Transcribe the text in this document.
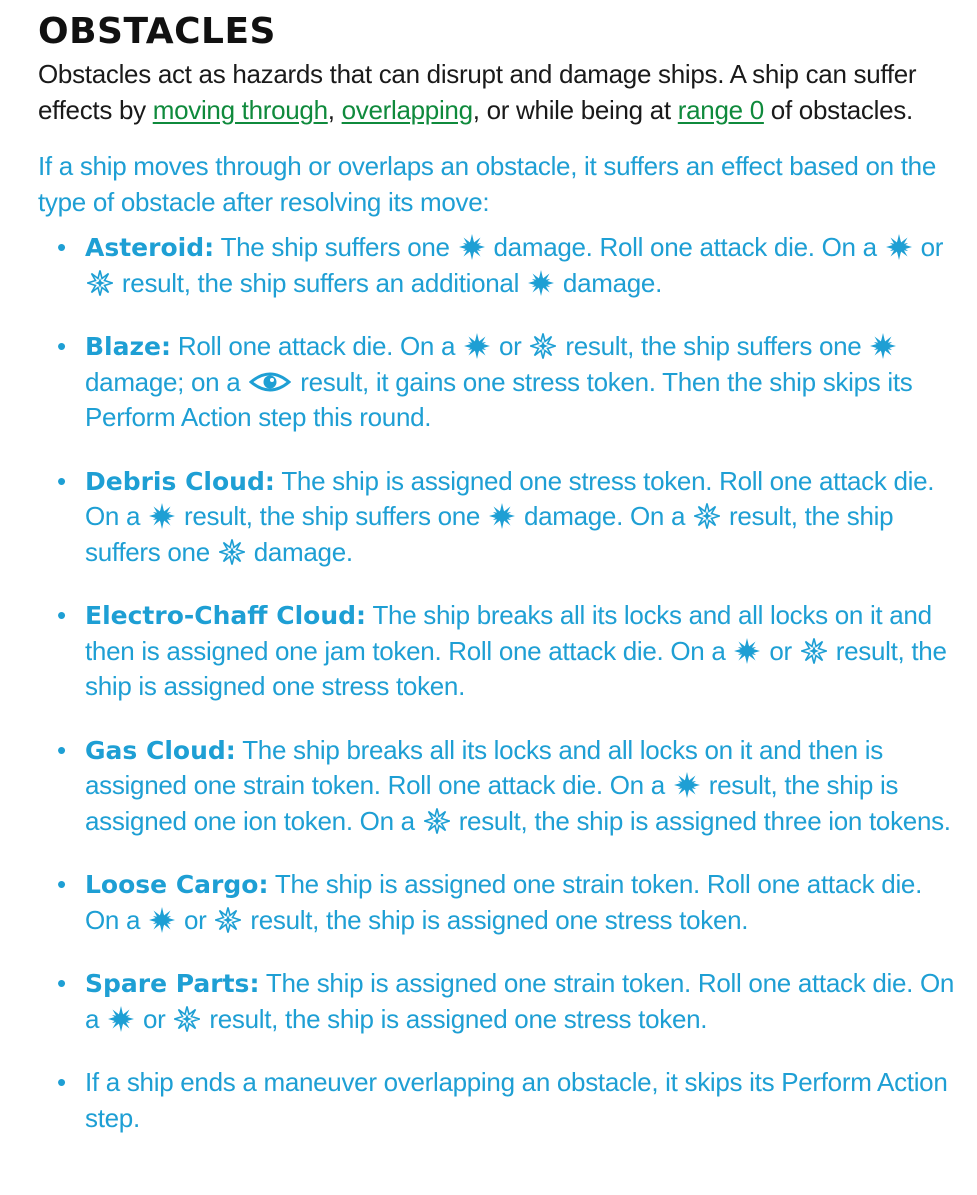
OBSTACLES

Obstacles act as hazards that can disrupt and damage ships. A ship can suffer effects by moving through, overlapping, or while being at range 0 of obstacles.

If a ship moves through or overlaps an obstacle, it suffers an effect based on the type of obstacle after resolving its move:

• Asteroid: The ship suffers one
damage. Roll one attack die. On a
or
result, the ship suffers an additional
damage.
• Blaze: Roll one attack die. On a
or
result, the ship suffers one
damage; on a
result, it gains one stress token. Then the ship skips its Perform Action step this round.
• Debris Cloud: The ship is assigned one stress token. Roll one attack die. On a
result, the ship suffers one
damage. On a
result, the ship suffers one
damage.
• Electro-Chaff Cloud: The ship breaks all its locks and all locks on it and then is assigned one jam token. Roll one attack die. On a
or
result, the ship is assigned one stress token.
• Gas Cloud: The ship breaks all its locks and all locks on it and then is assigned one strain token. Roll one attack die. On a
result, the ship is assigned one ion token. On a
result, the ship is assigned three ion tokens.
• Loose Cargo: The ship is assigned one strain token. Roll one attack die. On a
or
result, the ship is assigned one stress token.
• Spare Parts: The ship is assigned one strain token. Roll one attack die. On a
or
result, the ship is assigned one stress token.
• If a ship ends a maneuver overlapping an obstacle, it skips its Perform Action step.
